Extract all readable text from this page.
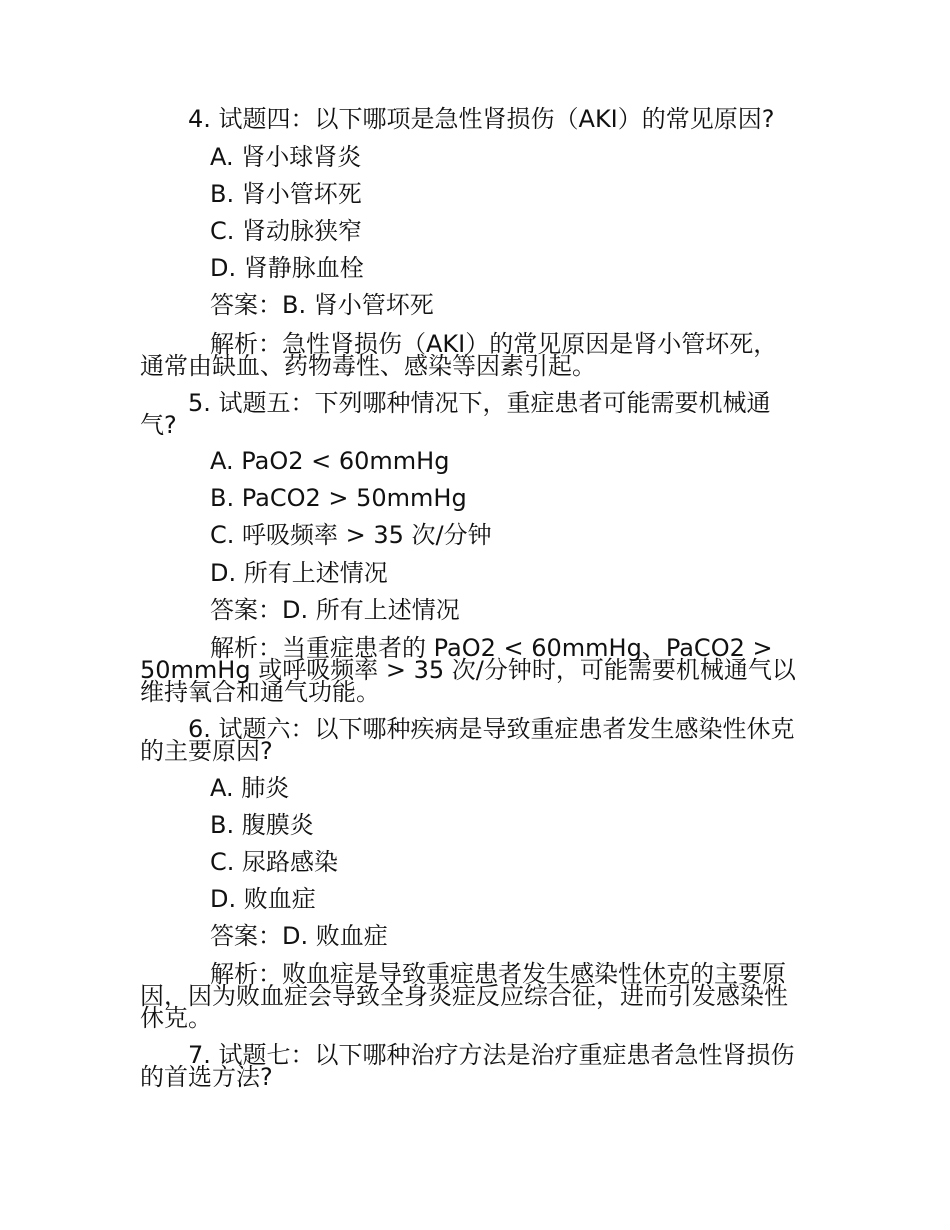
4. 试题四：以下哪项是急性肾损伤（AKI）的常见原因?
A. 肾小球肾炎
B. 肾小管坏死
C. 肾动脉狭窄
D. 肾静脉血栓
答案：B. 肾小管坏死
解析：急性肾损伤（AKI）的常见原因是肾小管坏死，
通常由缺血、药物毒性、感染等因素引起。
5. 试题五：下列哪种情况下，重症患者可能需要机械通
气?
A. PaO2 < 60mmHg
B. PaCO2 > 50mmHg
C. 呼吸频率 > 35 次/分钟
D. 所有上述情况
答案：D. 所有上述情况
解析：当重症患者的 PaO2 < 60mmHg、PaCO2 >
50mmHg 或呼吸频率 > 35 次/分钟时，可能需要机械通气以
维持氧合和通气功能。
6. 试题六：以下哪种疾病是导致重症患者发生感染性休克
的主要原因?
A. 肺炎
B. 腹膜炎
C. 尿路感染
D. 败血症
答案：D. 败血症
解析：败血症是导致重症患者发生感染性休克的主要原
因，因为败血症会导致全身炎症反应综合征，进而引发感染性
休克。
7. 试题七：以下哪种治疗方法是治疗重症患者急性肾损伤
的首选方法?
